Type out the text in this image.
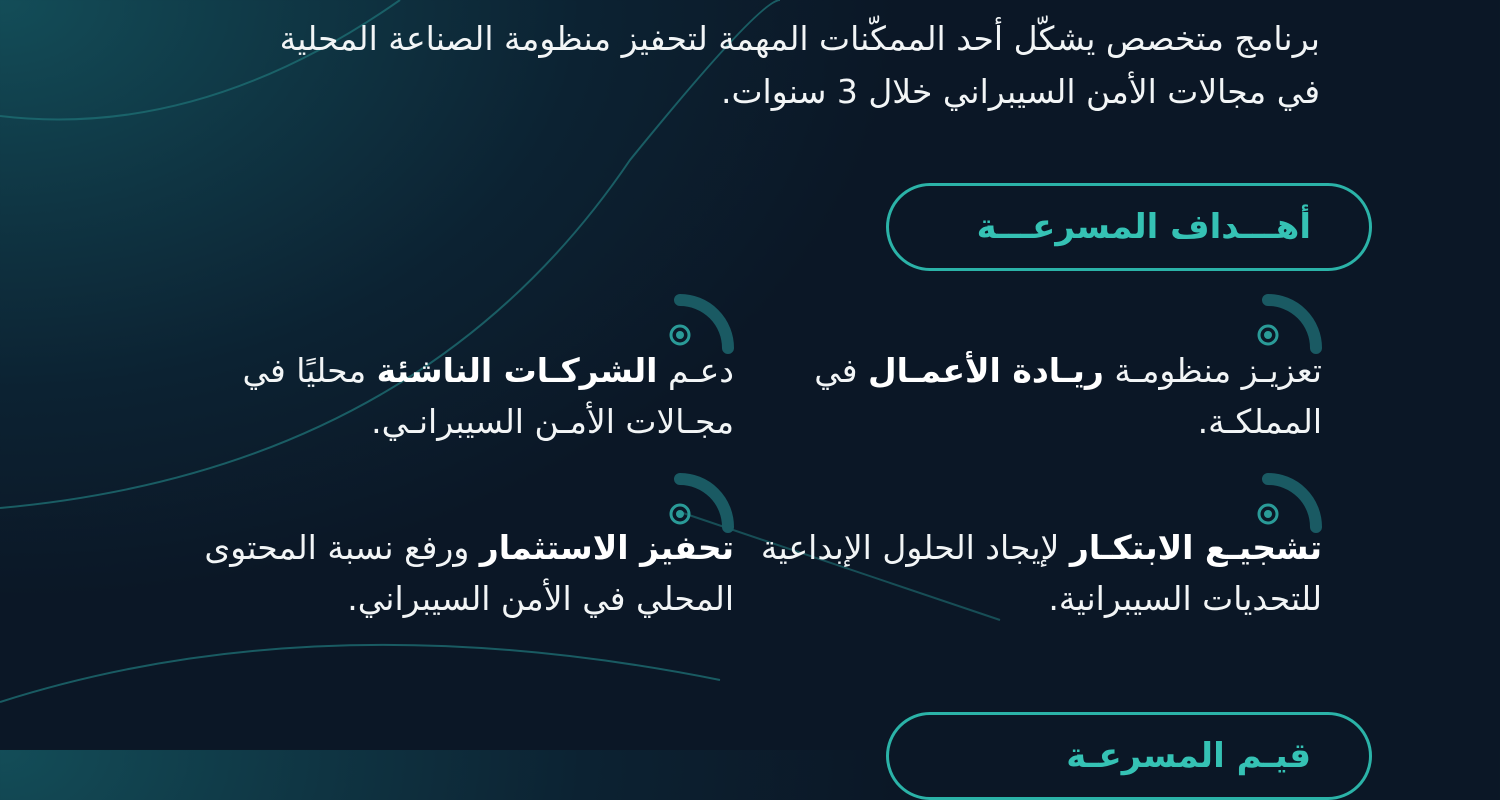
برنامج متخصص يشكّل أحد الممكّنات المهمة لتحفيز منظومة الصناعة المحلية
في مجالات الأمن السيبراني خلال 3 سنوات.

أهـــداف المسرعـــة
تعزيـز منظومـة ريـادة الأعمـال في المملكـة.
دعـم الشركـات الناشئة محليًا في مجـالات الأمـن السيبرانـي.
تشجيـع الابتكـار لإيجاد الحلول الإبداعية للتحديات السيبرانية.
تحفيز الاستثمار ورفع نسبة المحتوى المحلي في الأمن السيبراني.
قيـم المسرعـة
